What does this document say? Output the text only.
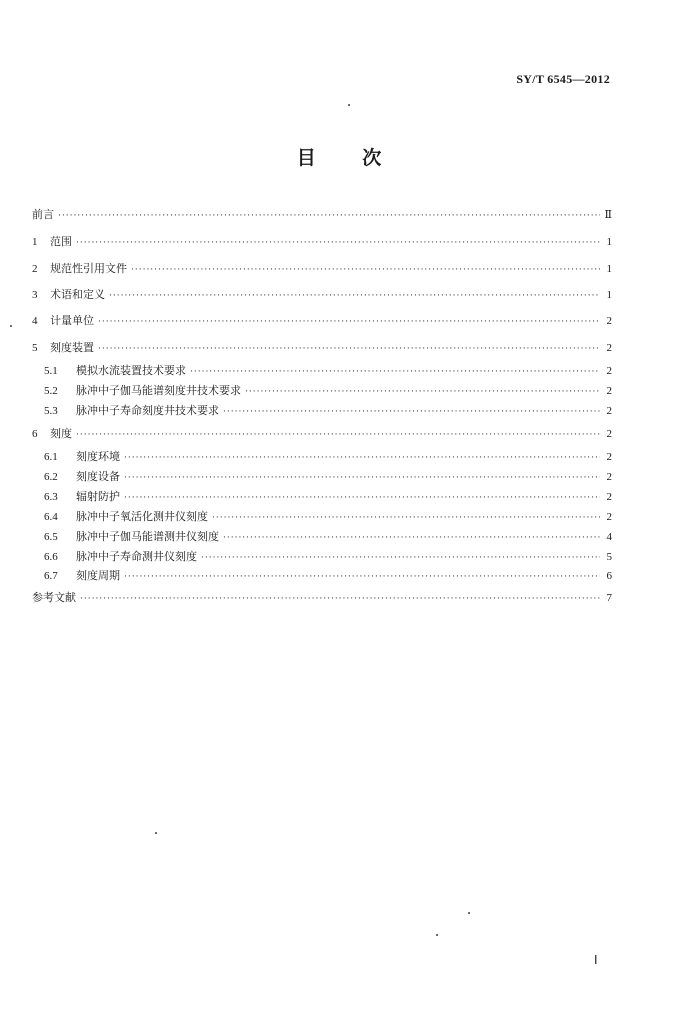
SY/T 6545—2012
目 次
前言 ·····	Ⅱ
1	范围 ·····	1
2	规范性引用文件 ·····	1
3	术语和定义 ·····	1
4	计量单位 ·····	2
5	刻度装置 ·····	2
5.1	模拟水流装置技术要求 ·····	2
5.2	脉冲中子伽马能谱刻度井技术要求 ·····	2
5.3	脉冲中子寿命刻度井技术要求 ·····	2
6	刻度 ·····	2
6.1	刻度环境 ·····	2
6.2	刻度设备 ·····	2
6.3	辐射防护 ·····	2
6.4	脉冲中子氧活化测井仪刻度 ·····	2
6.5	脉冲中子伽马能谱测井仪刻度 ·····	4
6.6	脉冲中子寿命测井仪刻度 ·····	5
6.7	刻度周期 ·····	6
参考文献 ·····	7
Ⅰ
